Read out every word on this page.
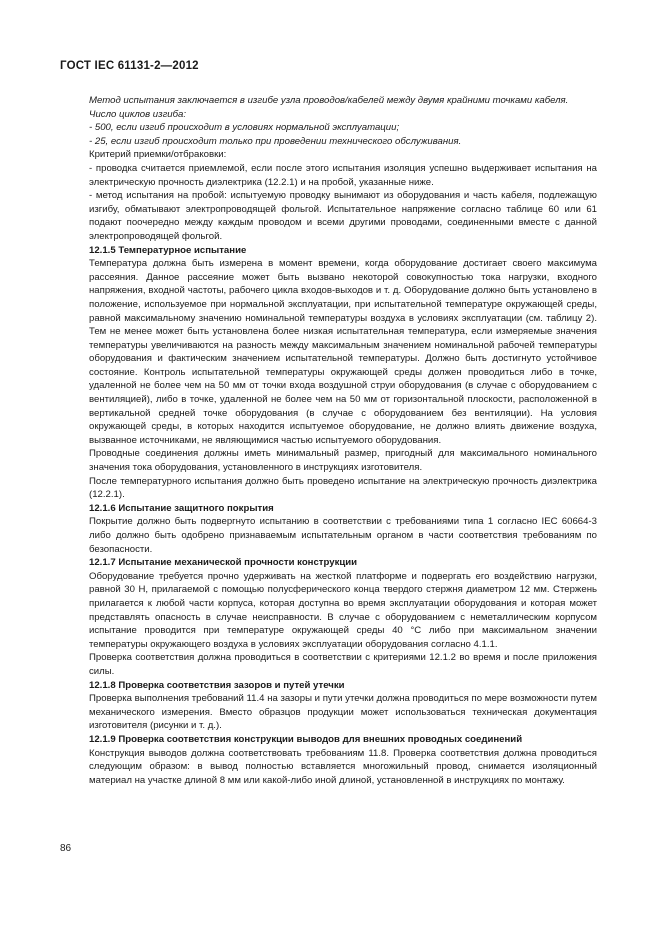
ГОСТ IEC 61131-2—2012

Метод испытания заключается в изгибе узла проводов/кабелей между двумя крайними точками кабеля.

Число циклов изгиба:

- 500, если изгиб происходит в условиях нормальной эксплуатации;

- 25, если изгиб происходит только при проведении технического обслуживания.

Критерий приемки/отбраковки:

- проводка считается приемлемой, если после этого испытания изоляция успешно выдерживает испытания на электрическую прочность диэлектрика (12.2.1) и на пробой, указанные ниже.

- метод испытания на пробой: испытуемую проводку вынимают из оборудования и часть кабеля, подлежащую изгибу, обматывают электропроводящей фольгой. Испытательное напряжение согласно таблице 60 или 61 подают поочередно между каждым проводом и всеми другими проводами, соединенными вместе с данной электропроводящей фольгой.

12.1.5 Температурное испытание

Температура должна быть измерена в момент времени, когда оборудование достигает своего максимума рассеяния. Данное рассеяние может быть вызвано некоторой совокупностью тока нагрузки, входного напряжения, входной частоты, рабочего цикла входов-выходов и т. д. Оборудование должно быть установлено в положение, используемое при нормальной эксплуатации, при испытательной температуре окружающей среды, равной максимальному значению номинальной температуры воздуха в условиях эксплуатации (см. таблицу 2). Тем не менее может быть установлена более низкая испытательная температура, если измеряемые значения температуры увеличиваются на разность между максимальным значением номинальной рабочей температуры оборудования и фактическим значением испытательной температуры. Должно быть достигнуто устойчивое состояние. Контроль испытательной температуры окружающей среды должен проводиться либо в точке, удаленной не более чем на 50 мм от точки входа воздушной струи оборудования (в случае с оборудованием с вентиляцией), либо в точке, удаленной не более чем на 50 мм от горизонтальной плоскости, расположенной в вертикальной средней точке оборудования (в случае с оборудованием без вентиляции). На условия окружающей среды, в которых находится испытуемое оборудование, не должно влиять движение воздуха, вызванное источниками, не являющимися частью испытуемого оборудования.

Проводные соединения должны иметь минимальный размер, пригодный для максимального номинального значения тока оборудования, установленного в инструкциях изготовителя.

После температурного испытания должно быть проведено испытание на электрическую прочность диэлектрика (12.2.1).

12.1.6 Испытание защитного покрытия

Покрытие должно быть подвергнуто испытанию в соответствии с требованиями типа 1 согласно IEC 60664-3 либо должно быть одобрено признаваемым испытательным органом в части соответствия требованиям по безопасности.

12.1.7 Испытание механической прочности конструкции

Оборудование требуется прочно удерживать на жесткой платформе и подвергать его воздействию нагрузки, равной 30 Н, прилагаемой с помощью полусферического конца твердого стержня диаметром 12 мм. Стержень прилагается к любой части корпуса, которая доступна во время эксплуатации оборудования и которая может представлять опасность в случае неисправности. В случае с оборудованием с неметаллическим корпусом испытание проводится при температуре окружающей среды 40 °С либо при максимальном значении температуры окружающего воздуха в условиях эксплуатации оборудования согласно 4.1.1.

Проверка соответствия должна проводиться в соответствии с критериями 12.1.2 во время и после приложения силы.

12.1.8 Проверка соответствия зазоров и путей утечки

Проверка выполнения требований 11.4 на зазоры и пути утечки должна проводиться по мере возможности путем механического измерения. Вместо образцов продукции может использоваться техническая документация изготовителя (рисунки и т. д.).

12.1.9 Проверка соответствия конструкции выводов для внешних проводных соединений

Конструкция выводов должна соответствовать требованиям 11.8. Проверка соответствия должна проводиться следующим образом: в вывод полностью вставляется многожильный провод, снимается изоляционный материал на участке длиной 8 мм или какой-либо иной длиной, установленной в инструкциях по монтажу.

86
